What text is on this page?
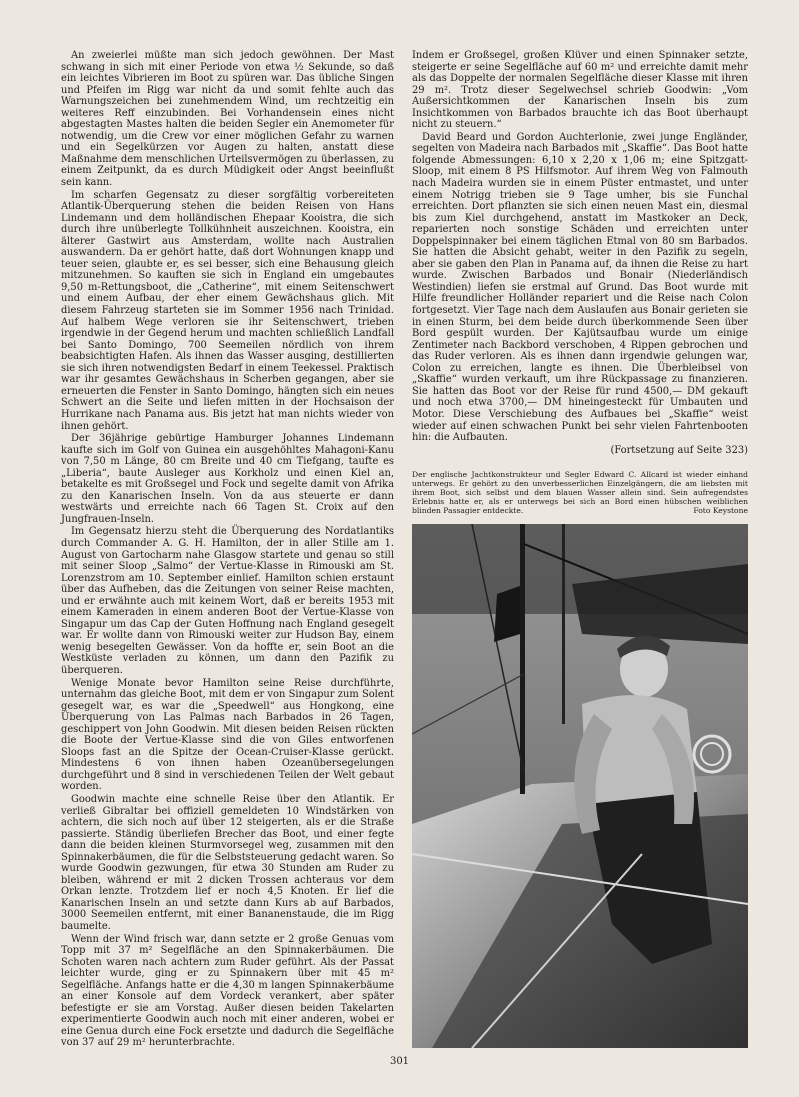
An zweierlei müßte man sich jedoch gewöhnen. Der Mast schwang in sich mit einer Periode von etwa ½ Sekunde, so daß ein leichtes Vibrieren im Boot zu spüren war. Das übliche Singen und Pfeifen im Rigg war nicht da und somit fehlte auch das Warnungszeichen bei zunehmendem Wind, um rechtzeitig ein weiteres Reff einzubinden. Bei Vorhandensein eines nicht abgestagten Mastes halten die beiden Segler ein Anemometer für notwendig, um die Crew vor einer möglichen Gefahr zu warnen und ein Segelkürzen vor Augen zu halten, anstatt diese Maßnahme dem menschlichen Urteilsvermögen zu überlassen, zu einem Zeitpunkt, da es durch Müdigkeit oder Angst beeinflußt sein kann.

Im scharfen Gegensatz zu dieser sorgfältig vorbereiteten Atlantik-Überquerung stehen die beiden Reisen von Hans Lindemann und dem holländischen Ehepaar Kooistra, die sich durch ihre unüberlegte Tollkühnheit auszeichnen. Kooistra, ein älterer Gastwirt aus Amsterdam, wollte nach Australien auswandern. Da er gehört hatte, daß dort Wohnungen knapp und teuer seien, glaubte er, es sei besser, sich eine Behausung gleich mitzunehmen. So kauften sie sich in England ein umgebautes 9,50 m-Rettungsboot, die „Catherine“, mit einem Seitenschwert und einem Aufbau, der eher einem Gewächshaus glich. Mit diesem Fahrzeug starteten sie im Sommer 1956 nach Trinidad. Auf halbem Wege verloren sie ihr Seitenschwert, trieben irgendwie in der Gegend herum und machten schließlich Landfall bei Santo Domingo, 700 Seemeilen nördlich von ihrem beabsichtigten Hafen. Als ihnen das Wasser ausging, destillierten sie sich ihren notwendigsten Bedarf in einem Teekessel. Praktisch war ihr gesamtes Gewächshaus in Scherben gegangen, aber sie erneuerten die Fenster in Santo Domingo, hängten sich ein neues Schwert an die Seite und liefen mitten in der Hochsaison der Hurrikane nach Panama aus. Bis jetzt hat man nichts wieder von ihnen gehört.

Der 36jährige gebürtige Hamburger Johannes Lindemann kaufte sich im Golf von Guinea ein ausgehöhltes Mahagoni-Kanu von 7,50 m Länge, 80 cm Breite und 40 cm Tiefgang, taufte es „Liberia“, baute Ausleger aus Korkholz und einen Kiel an, betakelte es mit Großsegel und Fock und segelte damit von Afrika zu den Kanarischen Inseln. Von da aus steuerte er dann westwärts und erreichte nach 66 Tagen St. Croix auf den Jungfrauen-Inseln.

Im Gegensatz hierzu steht die Überquerung des Nordatlantiks durch Commander A. G. H. Hamilton, der in aller Stille am 1. August von Gartocharm nahe Glasgow startete und genau so still mit seiner Sloop „Salmo“ der Vertue-Klasse in Rimouski am St. Lorenzstrom am 10. September einlief. Hamilton schien erstaunt über das Aufheben, das die Zeitungen von seiner Reise machten, und er erwähnte auch mit keinem Wort, daß er bereits 1953 mit einem Kameraden in einem anderen Boot der Vertue-Klasse von Singapur um das Cap der Guten Hoffnung nach England gesegelt war. Er wollte dann von Rimouski weiter zur Hudson Bay, einem wenig besegelten Gewässer. Von da hoffte er, sein Boot an die Westküste verladen zu können, um dann den Pazifik zu überqueren.

Wenige Monate bevor Hamilton seine Reise durchführte, unternahm das gleiche Boot, mit dem er von Singapur zum Solent gesegelt war, es war die „Speedwell“ aus Hongkong, eine Überquerung von Las Palmas nach Barbados in 26 Tagen, geschippert von John Goodwin. Mit diesen beiden Reisen rückten die Boote der Vertue-Klasse sind die von Giles entworfenen Sloops fast an die Spitze der Ocean-Cruiser-Klasse gerückt. Mindestens 6 von ihnen haben Ozeanübersegelungen durchgeführt und 8 sind in verschiedenen Teilen der Welt gebaut worden.

Goodwin machte eine schnelle Reise über den Atlantik. Er verließ Gibraltar bei offiziell gemeldeten 10 Windstärken von achtern, die sich noch auf über 12 steigerten, als er die Straße passierte. Ständig überliefen Brecher das Boot, und einer fegte dann die beiden kleinen Sturmvorsegel weg, zusammen mit den Spinnakerbäumen, die für die Selbststeuerung gedacht waren. So wurde Goodwin gezwungen, für etwa 30 Stunden am Ruder zu bleiben, während er mit 2 dicken Trossen achteraus vor dem Orkan lenzte. Trotzdem lief er noch 4,5 Knoten. Er lief die Kanarischen Inseln an und setzte dann Kurs ab auf Barbados, 3000 Seemeilen entfernt, mit einer Bananenstaude, die im Rigg baumelte.

Wenn der Wind frisch war, dann setzte er 2 große Genuas vom Topp mit 37 m² Segelfläche an den Spinnakerbäumen. Die Schoten waren nach achtern zum Ruder geführt. Als der Passat leichter wurde, ging er zu Spinnakern über mit 45 m² Segelfläche. Anfangs hatte er die 4,30 m langen Spinnakerbäume an einer Konsole auf dem Vordeck verankert, aber später befestigte er sie am Vorstag. Außer diesen beiden Takelarten experimentierte Goodwin auch noch mit einer anderen, wobei er eine Genua durch eine Fock ersetzte und dadurch die Segelfläche von 37 auf 29 m² herunterbrachte.

Indem er Großsegel, großen Klüver und einen Spinnaker setzte, steigerte er seine Segelfläche auf 60 m² und erreichte damit mehr als das Doppelte der normalen Segelfläche dieser Klasse mit ihren 29 m². Trotz dieser Segelwechsel schrieb Goodwin: „Vom Außersichtkommen der Kanarischen Inseln bis zum Insichtkommen von Barbados brauchte ich das Boot überhaupt nicht zu steuern.“

David Beard und Gordon Auchterlonie, zwei junge Engländer, segelten von Madeira nach Barbados mit „Skaffie“. Das Boot hatte folgende Abmessungen: 6,10 x 2,20 x 1,06 m; eine Spitzgatt-Sloop, mit einem 8 PS Hilfsmotor. Auf ihrem Weg von Falmouth nach Madeira wurden sie in einem Püster entmastet, und unter einem Notrigg trieben sie 9 Tage umher, bis sie Funchal erreichten. Dort pflanzten sie sich einen neuen Mast ein, diesmal bis zum Kiel durchgehend, anstatt im Mastkoker an Deck, reparierten noch sonstige Schäden und erreichten unter Doppelspinnaker bei einem täglichen Etmal von 80 sm Barbados. Sie hatten die Absicht gehabt, weiter in den Pazifik zu segeln, aber sie gaben den Plan in Panama auf, da ihnen die Reise zu hart wurde. Zwischen Barbados und Bonair (Niederländisch Westindien) liefen sie erstmal auf Grund. Das Boot wurde mit Hilfe freundlicher Holländer repariert und die Reise nach Colon fortgesetzt. Vier Tage nach dem Auslaufen aus Bonair gerieten sie in einen Sturm, bei dem beide durch überkommende Seen über Bord gespült wurden. Der Kajütsaufbau wurde um einige Zentimeter nach Backbord verschoben, 4 Rippen gebrochen und das Ruder verloren. Als es ihnen dann irgendwie gelungen war, Colon zu erreichen, langte es ihnen. Die Überbleibsel von „Skaffie“ wurden verkauft, um ihre Rückpassage zu finanzieren. Sie hatten das Boot vor der Reise für rund 4500,— DM gekauft und noch etwa 3700,— DM hineingesteckt für Umbauten und Motor. Diese Verschiebung des Aufbaues bei „Skaffie“ weist wieder auf einen schwachen Punkt bei sehr vielen Fahrtenbooten hin: die Aufbauten.

(Fortsetzung auf Seite 323)
Der englische Jachtkonstrukteur und Segler Edward C. Allcard ist wieder einhand unterwegs. Er gehört zu den unverbesserlichen Einzelgängern, die am liebsten mit ihrem Boot, sich selbst und dem blauen Wasser allein sind. Sein aufregendstes Erlebnis hatte er, als er unterwegs bei sich an Bord einen hübschen weiblichen blinden Passagier entdeckte.	Foto Keystone
301
